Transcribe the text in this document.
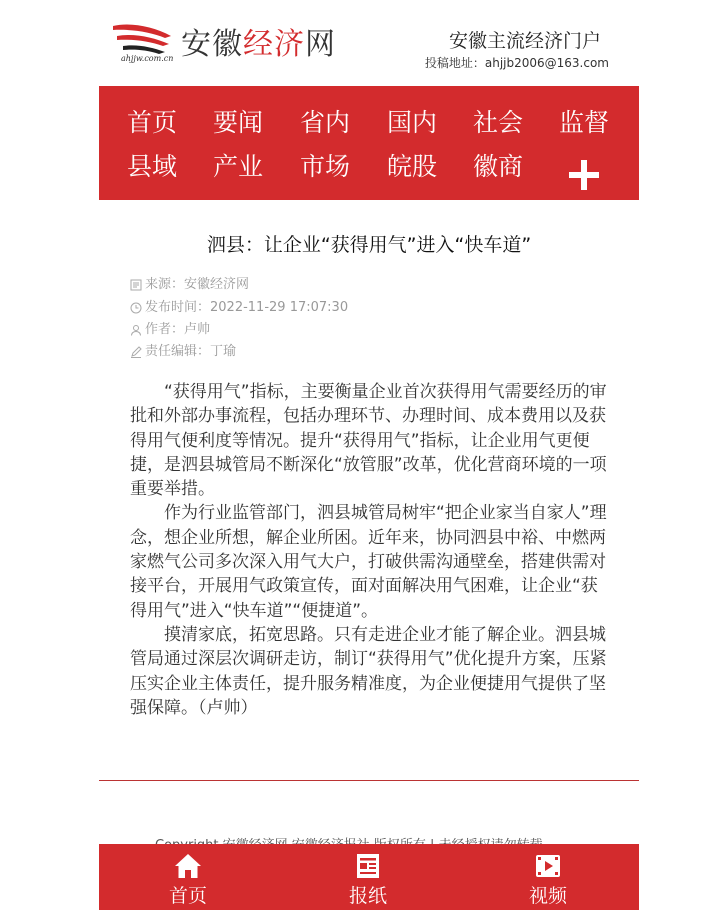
安徽经济网
ahjjw.com.cn
安徽主流经济门户
投稿地址：ahjjb2006@163.com
首页 要闻 省内 国内 社会 监督
县域 产业 市场 皖股 徽商
泗县：让企业“获得用气”进入“快车道”
来源：安徽经济网
发布时间：2022-11-29 17:07:30
作者：卢帅
责任编辑：丁瑜

“获得用气”指标，主要衡量企业首次获得用气需要经历的审批和外部办事流程，包括办理环节、办理时间、成本费用以及获得用气便利度等情况。提升“获得用气”指标，让企业用气更便捷，是泗县城管局不断深化“放管服”改革，优化营商环境的一项重要举措。

作为行业监管部门，泗县城管局树牢“把企业家当自家人”理念，想企业所想，解企业所困。近年来，协同泗县中裕、中燃两家燃气公司多次深入用气大户，打破供需沟通壁垒，搭建供需对接平台，开展用气政策宣传，面对面解决用气困难，让企业“获得用气”进入“快车道”“便捷道”。

摸清家底，拓宽思路。只有走进企业才能了解企业。泗县城管局通过深层次调研走访，制订“获得用气”优化提升方案，压紧压实企业主体责任，提升服务精准度，为企业便捷用气提供了坚强保障。（卢帅）

首页	报纸	视频
